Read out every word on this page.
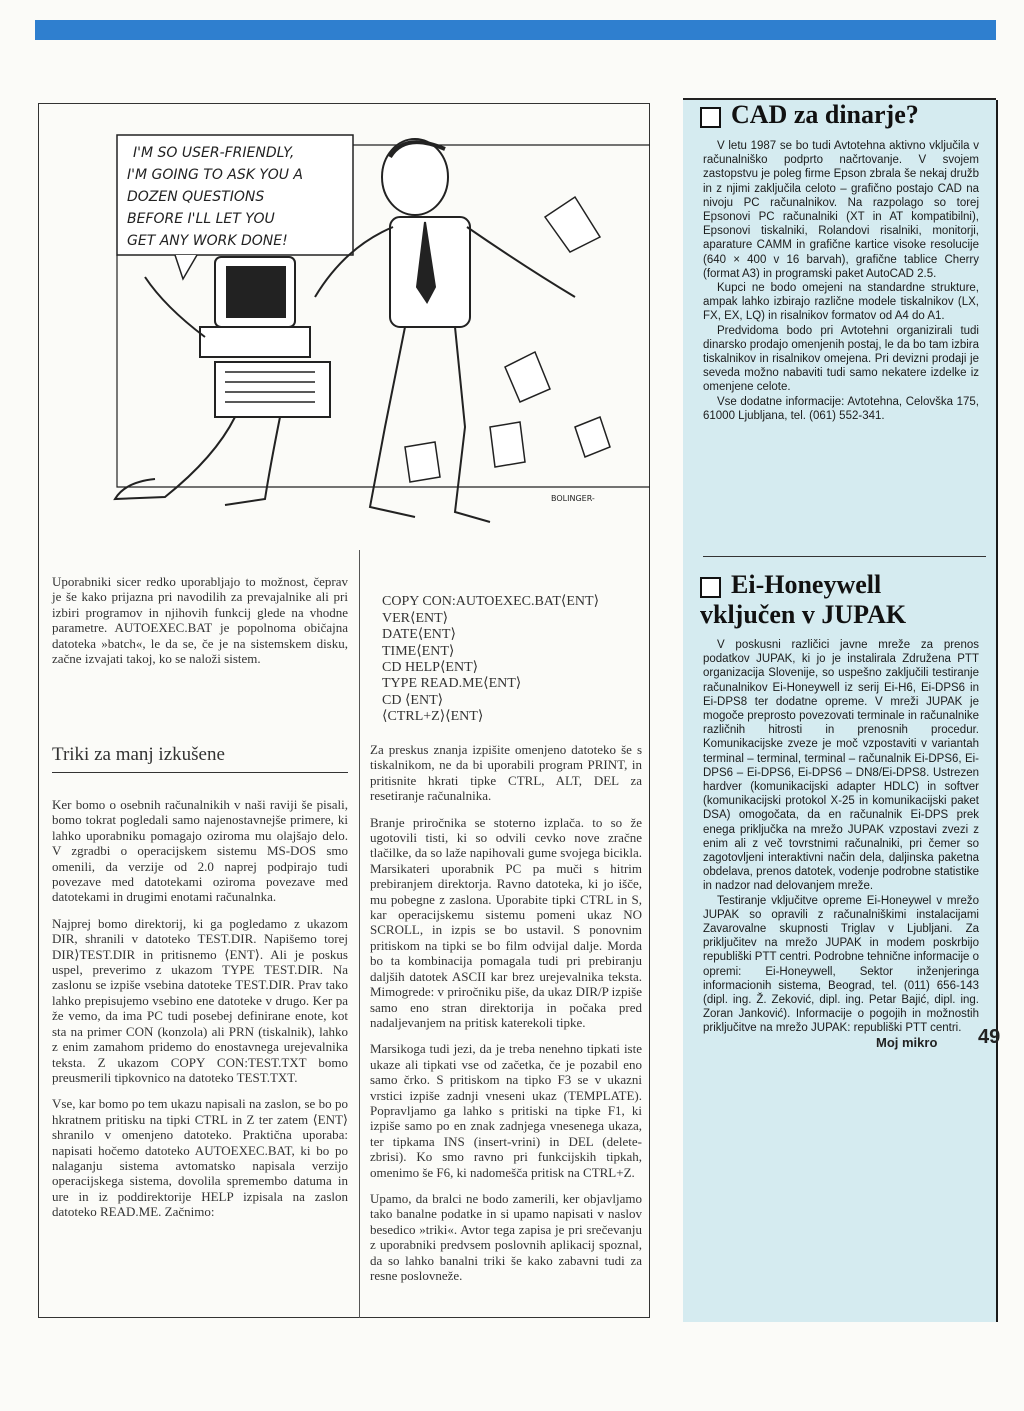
I'M SO USER-FRIENDLY, I'M GOING TO ASK YOU A DOZEN QUESTIONS BEFORE I'LL LET YOU GET ANY WORK DONE!
BOLINGER-

Uporabniki sicer redko uporabljajo to možnost, čeprav je še kako prijazna pri navodilih za prevajalnike ali pri izbiri programov in njihovih funkcij glede na vhodne parametre. AUTOEXEC.BAT je popolnoma običajna datoteka »batch«, le da se, če je na sistemskem disku, začne izvajati takoj, ko se naloži sistem.

Triki za manj izkušene

Ker bomo o osebnih računalnikih v naši raviji še pisali, bomo tokrat pogledali samo najenostavnejše primere, ki lahko uporabniku pomagajo oziroma mu olajšajo delo. V zgradbi o operacijskem sistemu MS-DOS smo omenili, da verzije od 2.0 naprej podpirajo tudi povezave med datotekami oziroma povezave med datotekami in drugimi enotami računalnka.

Najprej bomo direktorij, ki ga pogledamo z ukazom DIR, shranili v datoteko TEST.DIR. Napišemo torej DIR⟩TEST.DIR in pritisnemo ⟨ENT⟩. Ali je poskus uspel, preverimo z ukazom TYPE TEST.DIR. Na zaslonu se izpiše vsebina datoteke TEST.DIR. Prav tako lahko prepisujemo vsebino ene datoteke v drugo. Ker pa že vemo, da ima PC tudi posebej definirane enote, kot sta na primer CON (konzola) ali PRN (tiskalnik), lahko z enim zamahom pridemo do enostavnega urejevalnika teksta. Z ukazom COPY CON:TEST.TXT bomo preusmerili tipkovnico na datoteko TEST.TXT.

Vse, kar bomo po tem ukazu napisali na zaslon, se bo po hkratnem pritisku na tipki CTRL in Z ter zatem ⟨ENT⟩ shranilo v omenjeno datoteko. Praktična uporaba: napisati hočemo datoteko AUTOEXEC.BAT, ki bo po nalaganju sistema avtomatsko napisala verzijo operacijskega sistema, dovolila spremembo datuma in ure in iz poddirektorije HELP izpisala na zaslon datoteko READ.ME. Začnimo:

COPY CON:AUTOEXEC.BAT⟨ENT⟩
VER⟨ENT⟩
DATE⟨ENT⟩
TIME⟨ENT⟩
CD HELP⟨ENT⟩
TYPE READ.ME⟨ENT⟩
CD ⟨ENT⟩
⟨CTRL+Z⟩⟨ENT⟩

Za preskus znanja izpišite omenjeno datoteko še s tiskalnikom, ne da bi uporabili program PRINT, in pritisnite hkrati tipke CTRL, ALT, DEL za resetiranje računalnika.

Branje priročnika se stoterno izplača. to so že ugotovili tisti, ki so odvili cevko nove zračne tlačilke, da so laže napihovali gume svojega bicikla. Marsikateri uporabnik PC pa muči s hitrim prebiranjem direktorja. Ravno datoteka, ki jo išče, mu pobegne z zaslona. Uporabite tipki CTRL in S, kar operacijskemu sistemu pomeni ukaz NO SCROLL, in izpis se bo ustavil. S ponovnim pritiskom na tipki se bo film odvijal dalje. Morda bo ta kombinacija pomagala tudi pri prebiranju daljših datotek ASCII kar brez urejevalnika teksta. Mimogrede: v priročniku piše, da ukaz DIR/P izpiše samo eno stran direktorija in počaka pred nadaljevanjem na pritisk katerekoli tipke.

Marsikoga tudi jezi, da je treba nenehno tipkati iste ukaze ali tipkati vse od začetka, če je pozabil eno samo črko. S pritiskom na tipko F3 se v ukazni vrstici izpiše zadnji vneseni ukaz (TEMPLATE). Popravljamo ga lahko s pritiski na tipke F1, ki izpiše samo po en znak zadnjega vnesenega ukaza, ter tipkama INS (insert-vrini) in DEL (delete-zbrisi). Ko smo ravno pri funkcijskih tipkah, omenimo še F6, ki nadomešča pritisk na CTRL+Z.

Upamo, da bralci ne bodo zamerili, ker objavljamo tako banalne podatke in si upamo napisati v naslov besedico »triki«. Avtor tega zapisa je pri srečevanju z uporabniki predvsem poslovnih aplikacij spoznal, da so lahko banalni triki še kako zabavni tudi za resne poslovneže.

CAD za dinarje?

V letu 1987 se bo tudi Avtotehna aktivno vključila v računalniško podprto načrtovanje. V svojem zastopstvu je poleg firme Epson zbrala še nekaj družb in z njimi zaključila celoto – grafično postajo CAD na nivoju PC računalnikov. Na razpolago so torej Epsonovi PC računalniki (XT in AT kompatibilni), Epsonovi tiskalniki, Rolandovi risalniki, monitorji, aparature CAMM in grafične kartice visoke resolucije (640 × 400 v 16 barvah), grafične tablice Cherry (format A3) in programski paket AutoCAD 2.5.

Kupci ne bodo omejeni na standardne strukture, ampak lahko izbirajo različne modele tiskalnikov (LX, FX, EX, LQ) in risalnikov formatov od A4 do A1.

Predvidoma bodo pri Avtotehni organizirali tudi dinarsko prodajo omenjenih postaj, le da bo tam izbira tiskalnikov in risalnikov omejena. Pri devizni prodaji je seveda možno nabaviti tudi samo nekatere izdelke iz omenjene celote.

Vse dodatne informacije: Avtotehna, Celovška 175, 61000 Ljubljana, tel. (061) 552-341.

Ei-Honeywell
vključen v JUPAK

V poskusni različici javne mreže za prenos podatkov JUPAK, ki jo je instalirala Združena PTT organizacija Slovenije, so uspešno zaključili testiranje računalnikov Ei-Honeywell iz serij Ei-H6, Ei-DPS6 in Ei-DPS8 ter dodatne opreme. V mreži JUPAK je mogoče preprosto povezovati terminale in računalnike različnih hitrosti in prenosnih procedur. Komunikacijske zveze je moč vzpostaviti v variantah terminal – terminal, terminal – računalnik Ei-DPS6, Ei-DPS6 – Ei-DPS6, Ei-DPS6 – DN8/Ei-DPS8. Ustrezen hardver (komunikacijski adapter HDLC) in softver (komunikacijski protokol X-25 in komunikacijski paket DSA) omogočata, da en računalnik Ei-DPS prek enega priključka na mrežo JUPAK vzpostavi zvezi z enim ali z več tovrstnimi računalniki, pri čemer so zagotovljeni interaktivni način dela, daljinska paketna obdelava, prenos datotek, vodenje podrobne statistike in nadzor nad delovanjem mreže.

Testiranje vključitve opreme Ei-Honeywel v mrežo JUPAK so opravili z računalniškimi instalacijami Zavarovalne skupnosti Triglav v Ljubljani. Za priključitev na mrežo JUPAK in modem poskrbijo republiški PTT centri. Podrobne tehnične informacije o opremi: Ei-Honeywell, Sektor inženjeringa informacionih sistema, Beograd, tel. (011) 656-143 (dipl. ing. Ž. Zeković, dipl. ing. Petar Bajić, dipl. ing. Zoran Janković). Informacije o pogojih in možnostih priključitve na mrežo JUPAK: republiški PTT centri.

Moj mikro 49
